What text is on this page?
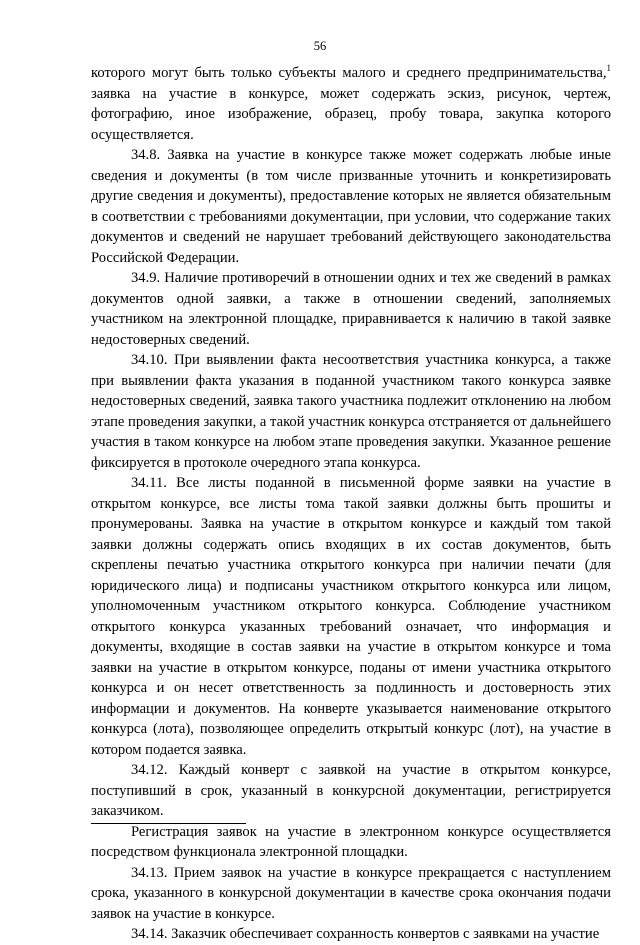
56

которого могут быть только субъекты малого и среднего предпринимательства,$^1$ заявка на участие в конкурсе, может содержать эскиз, рисунок, чертеж, фотографию, иное изображение, образец, пробу товара, закупка которого осуществляется.

34.8. Заявка на участие в конкурсе также может содержать любые иные сведения и документы (в том числе призванные уточнить и конкретизировать другие сведения и документы), предоставление которых не является обязательным в соответствии с требованиями документации, при условии, что содержание таких документов и сведений не нарушает требований действующего законодательства Российской Федерации.

34.9. Наличие противоречий в отношении одних и тех же сведений в рамках документов одной заявки, а также в отношении сведений, заполняемых участником на электронной площадке, приравнивается к наличию в такой заявке недостоверных сведений.

34.10. При выявлении факта несоответствия участника конкурса, а также при выявлении факта указания в поданной участником такого конкурса заявке недостоверных сведений, заявка такого участника подлежит отклонению на любом этапе проведения закупки, а такой участник конкурса отстраняется от дальнейшего участия в таком конкурсе на любом этапе проведения закупки. Указанное решение фиксируется в протоколе очередного этапа конкурса.

34.11. Все листы поданной в письменной форме заявки на участие в открытом конкурсе, все листы тома такой заявки должны быть прошиты и пронумерованы. Заявка на участие в открытом конкурсе и каждый том такой заявки должны содержать опись входящих в их состав документов, быть скреплены печатью участника открытого конкурса при наличии печати (для юридического лица) и подписаны участником открытого конкурса или лицом, уполномоченным участником открытого конкурса. Соблюдение участником открытого конкурса указанных требований означает, что информация и документы, входящие в состав заявки на участие в открытом конкурсе и тома заявки на участие в открытом конкурсе, поданы от имени участника открытого конкурса и он несет ответственность за подлинность и достоверность этих информации и документов. На конверте указывается наименование открытого конкурса (лота), позволяющее определить открытый конкурс (лот), на участие в котором подается заявка.

34.12. Каждый конверт с заявкой на участие в открытом конкурсе, поступивший в срок, указанный в конкурсной документации, регистрируется заказчиком.

Регистрация заявок на участие в электронном конкурсе осуществляется посредством функционала электронной площадки.

34.13. Прием заявок на участие в конкурсе прекращается с наступлением срока, указанного в конкурсной документации в качестве срока окончания подачи заявок на участие в конкурсе.

34.14. Заказчик обеспечивает сохранность конвертов с заявками на участие
